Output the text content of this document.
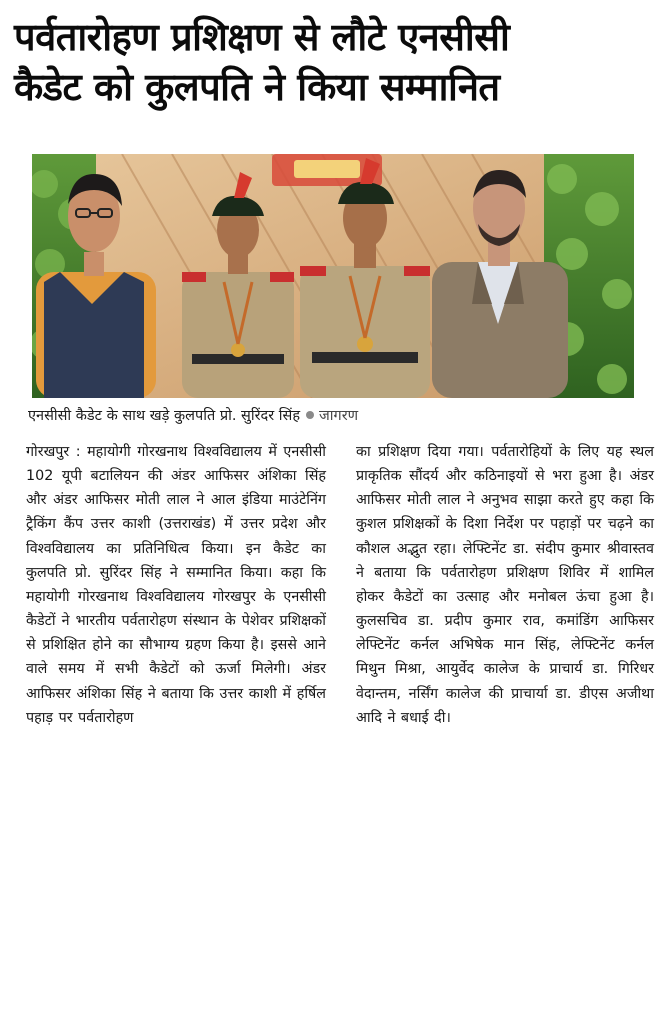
पर्वतारोहण प्रशिक्षण से लौटे एनसीसी
कैडेट को कुलपति ने किया सम्मानित
एनसीसी कैडेट के साथ खड़े कुलपति प्रो. सुरिंदर सिंह जागरण

गोरखपुर : महायोगी गोरखनाथ विश्वविद्यालय में एनसीसी 102 यूपी बटालियन की अंडर आफिसर अंशिका सिंह और अंडर आफिसर मोती लाल ने आल इंडिया माउंटेनिंग ट्रैकिंग कैंप उत्तर काशी (उत्तराखंड) में उत्तर प्रदेश और विश्वविद्यालय का प्रतिनिधित्व किया। इन कैडेट का कुलपति प्रो. सुरिंदर सिंह ने सम्मानित किया। कहा कि महायोगी गोरखनाथ विश्वविद्यालय गोरखपुर के एनसीसी कैडेटों ने भारतीय पर्वतारोहण संस्थान के पेशेवर प्रशिक्षकों से प्रशिक्षित होने का सौभाग्य ग्रहण किया है। इससे आने वाले समय में सभी कैडेटों को ऊर्जा मिलेगी। अंडर आफिसर अंशिका सिंह ने बताया कि उत्तर काशी में हर्षिल पहाड़ पर पर्वतारोहण

का प्रशिक्षण दिया गया। पर्वतारोहियों के लिए यह स्थल प्राकृतिक सौंदर्य और कठिनाइयों से भरा हुआ है। अंडर आफिसर मोती लाल ने अनुभव साझा करते हुए कहा कि कुशल प्रशिक्षकों के दिशा निर्देश पर पहाड़ों पर चढ़ने का कौशल अद्भुत रहा। लेफ्टिनेंट डा. संदीप कुमार श्रीवास्तव ने बताया कि पर्वतारोहण प्रशिक्षण शिविर में शामिल होकर कैडेटों का उत्साह और मनोबल ऊंचा हुआ है। कुलसचिव डा. प्रदीप कुमार राव, कमांडिंग आफिसर लेफ्टिनेंट कर्नल अभिषेक मान सिंह, लेफ्टिनेंट कर्नल मिथुन मिश्रा, आयुर्वेद कालेज के प्राचार्य डा. गिरिधर वेदान्तम, नर्सिंग कालेज की प्राचार्या डा. डीएस अजीथा आदि ने बधाई दी।
